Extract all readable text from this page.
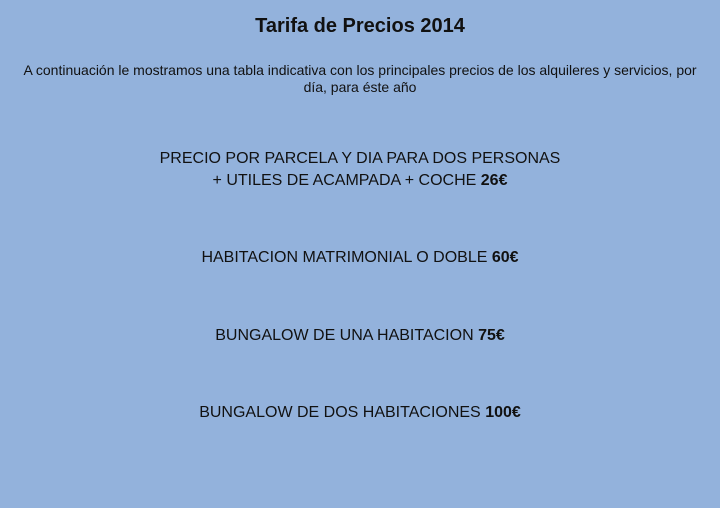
Tarifa de Precios 2014
A continuación le mostramos una tabla indicativa con los principales precios de los alquileres y servicios, por día, para éste año
PRECIO POR PARCELA Y DIA PARA DOS PERSONAS
+ UTILES DE ACAMPADA + COCHE 26€
HABITACION MATRIMONIAL O DOBLE 60€
BUNGALOW DE UNA HABITACION 75€
BUNGALOW DE DOS HABITACIONES 100€
